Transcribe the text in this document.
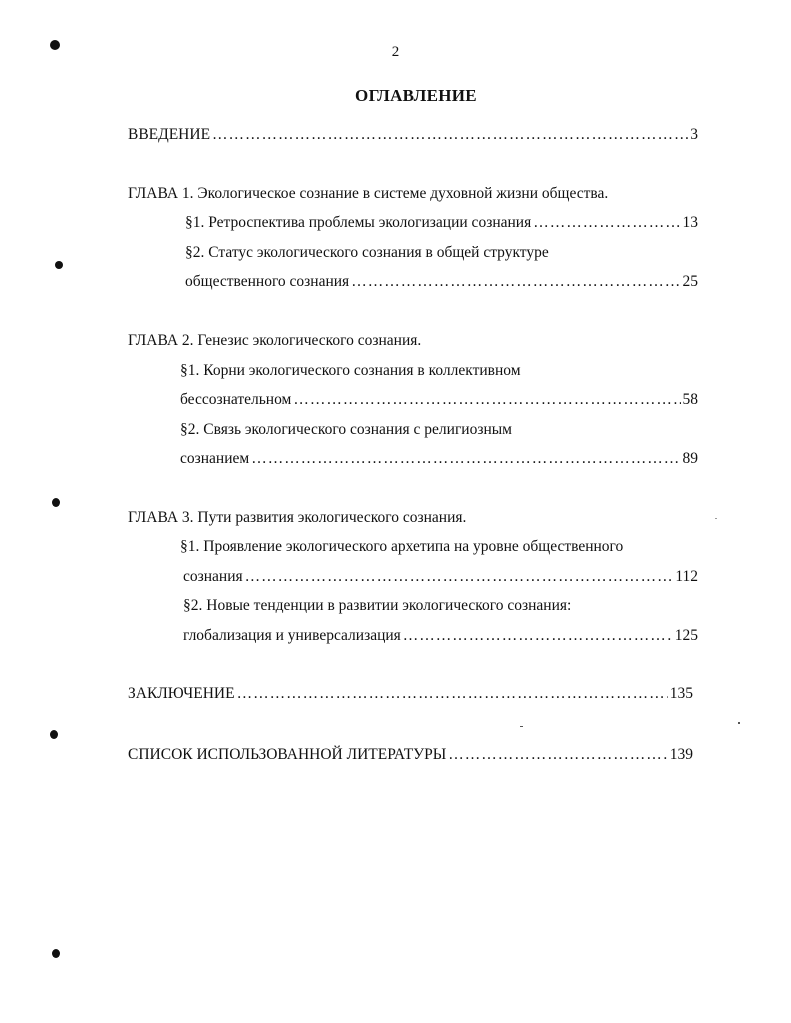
2
ОГЛАВЛЕНИЕ
ВВЕДЕНИЕ ………………………………………………………………………………………………………………………………………………………………………………………………	3
ГЛАВА 1. Экологическое сознание в системе духовной жизни общества.
§1. Ретроспектива проблемы экологизации сознания ………………………………………………………………………………………………………………………………………………………………………………………………	13
§2. Статус экологического сознания в общей структуре
общественного сознания ………………………………………………………………………………………………………………………………………………………………………………………………	25
ГЛАВА 2. Генезис экологического сознания.
§1. Корни экологического сознания в коллективном
бессознательном ………………………………………………………………………………………………………………………………………………………………………………………………	58
§2. Связь экологического сознания с религиозным
сознанием ………………………………………………………………………………………………………………………………………………………………………………………………	89
ГЛАВА 3. Пути развития экологического сознания.
§1. Проявление экологического архетипа на уровне общественного
сознания ………………………………………………………………………………………………………………………………………………………………………………………………	112
§2. Новые тенденции в развитии экологического сознания:
глобализация и универсализация ………………………………………………………………………………………………………………………………………………………………………………………………	125
ЗАКЛЮЧЕНИЕ ………………………………………………………………………………………………………………………………………………………………………………………………	135
СПИСОК ИСПОЛЬЗОВАННОЙ ЛИТЕРАТУРЫ ………………………………………………………………………………………………………………………………………………………………………………………………	139
